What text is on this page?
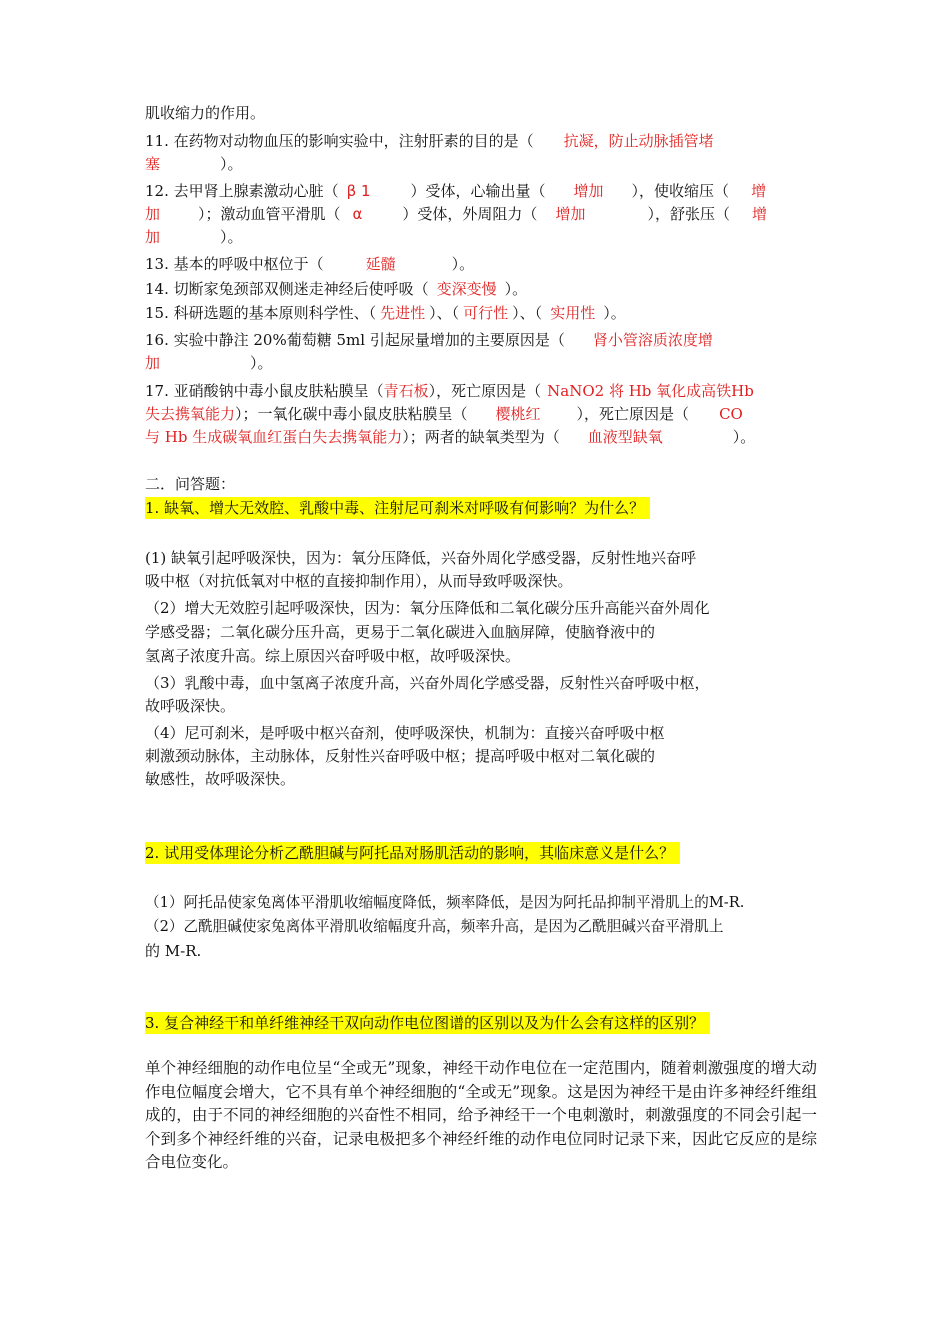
肌收缩力的作用。
11. 在药物对动物血压的影响实验中，注射肝素的目的是（ 抗凝，防止动脉插管堵
塞	）。
12. 去甲肾上腺素激动心脏（ β 1	）受体，心输出量（ 增加 ），使收缩压（ 增
加	）；激动血管平滑肌（ α	）受体，外周阻力（ 增加	），舒张压（ 增
加	）。
13. 基本的呼吸中枢位于（	延髓	）。
14. 切断家兔颈部双侧迷走神经后使呼吸（ 变深变慢 ）。
15. 科研选题的基本原则科学性、（ 先进性 ）、（ 可行性 ）、（ 实用性 ）。
16. 实验中静注 20%葡萄糖 5ml 引起尿量增加的主要原因是（ 肾小管溶质浓度增
加	）。
17. 亚硝酸钠中毒小鼠皮肤粘膜呈（青石板），死亡原因是（ NaNO2 将 Hb 氧化成高铁Hb
失去携氧能力）；一氧化碳中毒小鼠皮肤粘膜呈（ 樱桃红 ），死亡原因是（ CO
与 Hb 生成碳氧血红蛋白失去携氧能力）；两者的缺氧类型为（ 血液型缺氧	）。
二．问答题：
1. 缺氧、增大无效腔、乳酸中毒、注射尼可刹米对呼吸有何影响？为什么？
(1) 缺氧引起呼吸深快，因为：氧分压降低，兴奋外周化学感受器，反射性地兴奋呼
吸中枢（对抗低氧对中枢的直接抑制作用），从而导致呼吸深快。
（2）增大无效腔引起呼吸深快，因为：氧分压降低和二氧化碳分压升高能兴奋外周化
学感受器；二氧化碳分压升高，更易于二氧化碳进入血脑屏障，使脑脊液中的
氢离子浓度升高。综上原因兴奋呼吸中枢，故呼吸深快。
（3）乳酸中毒，血中氢离子浓度升高，兴奋外周化学感受器，反射性兴奋呼吸中枢，
故呼吸深快。
（4）尼可刹米，是呼吸中枢兴奋剂，使呼吸深快，机制为：直接兴奋呼吸中枢
刺激颈动脉体，主动脉体，反射性兴奋呼吸中枢；提高呼吸中枢对二氧化碳的
敏感性，故呼吸深快。
2. 试用受体理论分析乙酰胆碱与阿托品对肠肌活动的影响，其临床意义是什么？
（1）阿托品使家兔离体平滑肌收缩幅度降低，频率降低，是因为阿托品抑制平滑肌上的M-R.
（2）乙酰胆碱使家兔离体平滑肌收缩幅度升高，频率升高，是因为乙酰胆碱兴奋平滑肌上
的 M-R.
3. 复合神经干和单纤维神经干双向动作电位图谱的区别以及为什么会有这样的区别？
单个神经细胞的动作电位呈“全或无”现象，神经干动作电位在一定范围内，随着刺激强度的增大动作电位幅度会增大，它不具有单个神经细胞的“全或无”现象。这是因为神经干是由许多神经纤维组成的，由于不同的神经细胞的兴奋性不相同，给予神经干一个电刺激时，刺激强度的不同会引起一个到多个神经纤维的兴奋，记录电极把多个神经纤维的动作电位同时记录下来，因此它反应的是综合电位变化。
